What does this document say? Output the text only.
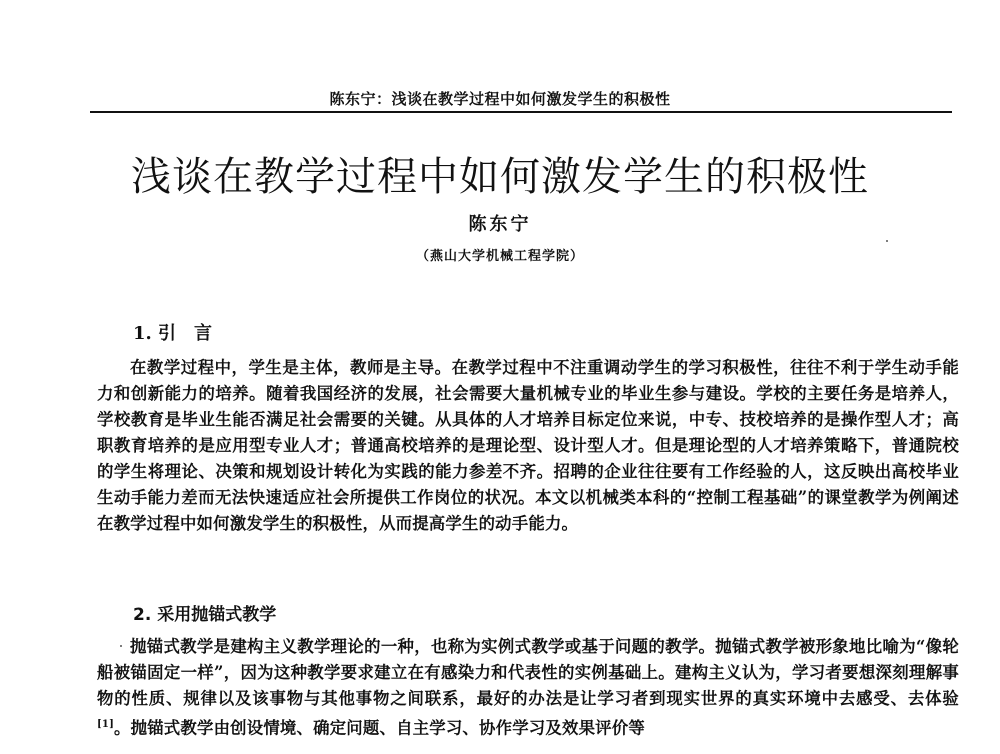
陈东宁：浅谈在教学过程中如何激发学生的积极性
浅谈在教学过程中如何激发学生的积极性
陈东宁
（燕山大学机械工程学院）
1. 引　言

在教学过程中，学生是主体，教师是主导。在教学过程中不注重调动学生的学习积极性，往往不利于学生动手能力和创新能力的培养。随着我国经济的发展，社会需要大量机械专业的毕业生参与建设。学校的主要任务是培养人，学校教育是毕业生能否满足社会需要的关键。从具体的人才培养目标定位来说，中专、技校培养的是操作型人才；高职教育培养的是应用型专业人才；普通高校培养的是理论型、设计型人才。但是理论型的人才培养策略下，普通院校的学生将理论、决策和规划设计转化为实践的能力参差不齐。招聘的企业往往要有工作经验的人，这反映出高校毕业生动手能力差而无法快速适应社会所提供工作岗位的状况。本文以机械类本科的“控制工程基础”的课堂教学为例阐述在教学过程中如何激发学生的积极性，从而提高学生的动手能力。

2. 采用抛锚式教学

抛锚式教学是建构主义教学理论的一种，也称为实例式教学或基于问题的教学。抛锚式教学被形象地比喻为“像轮船被锚固定一样”，因为这种教学要求建立在有感染力和代表性的实例基础上。建构主义认为，学习者要想深刻理解事物的性质、规律以及该事物与其他事物之间联系，最好的办法是让学习者到现实世界的真实环境中去感受、去体验[1]。抛锚式教学由创设情境、确定问题、自主学习、协作学习及效果评价等
